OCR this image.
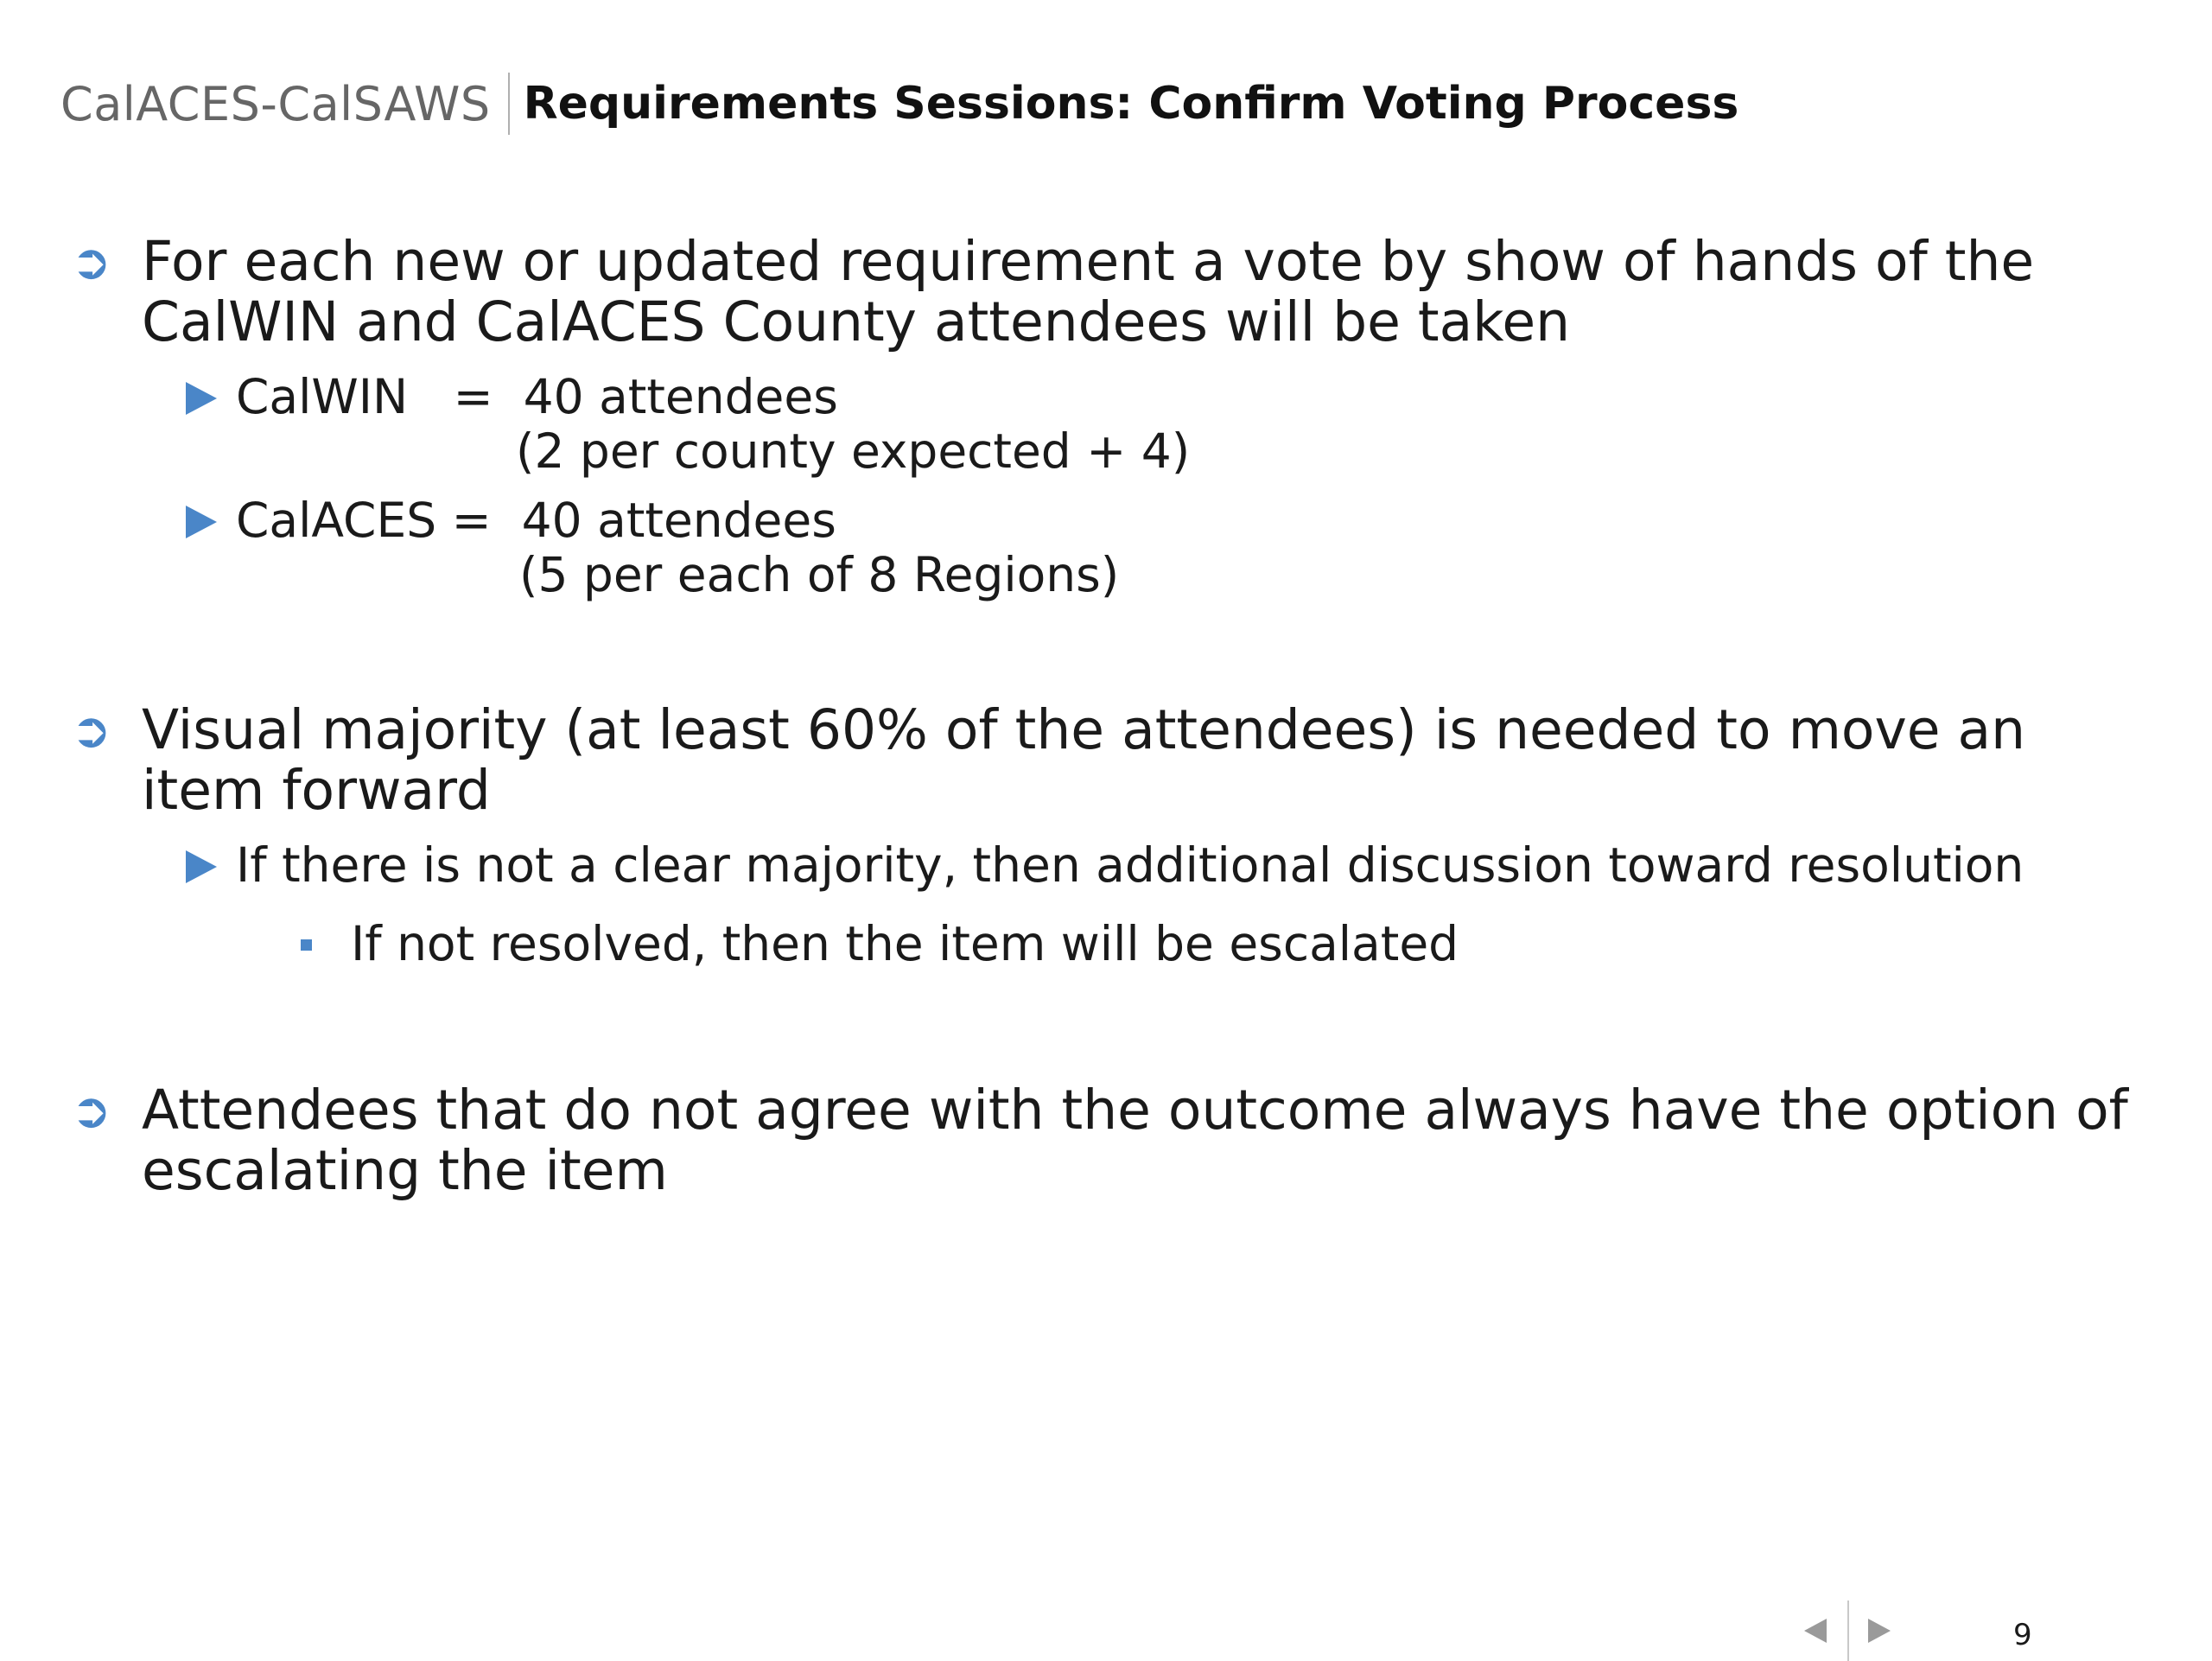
CalACES-CalSAWS Requirements Sessions: Confirm Voting Process
➲ For each new or updated requirement a vote by show of hands of the CalWIN and CalACES County attendees will be taken
CalWIN   =  40 attendees
(2 per county expected + 4)
CalACES =  40 attendees
(5 per each of 8 Regions)
➲ Visual majority (at least 60% of the attendees) is needed to move an item forward
If there is not a clear majority, then additional discussion toward resolution
If not resolved, then the item will be escalated
➲ Attendees that do not agree with the outcome always have the option of escalating the item
9
